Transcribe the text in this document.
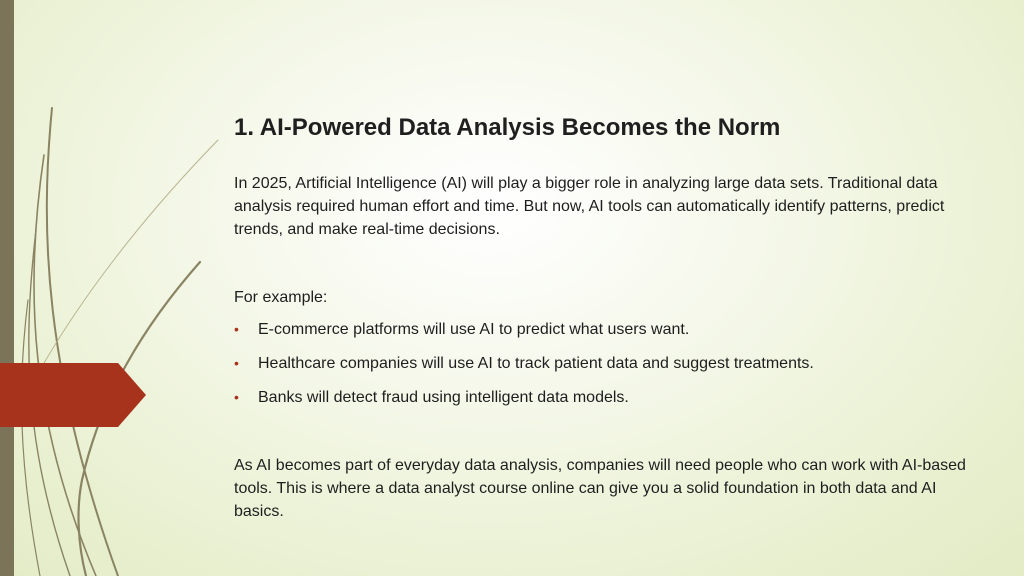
1. AI-Powered Data Analysis Becomes the Norm

In 2025, Artificial Intelligence (AI) will play a bigger role in analyzing large data sets. Traditional data analysis required human effort and time. But now, AI tools can automatically identify patterns, predict trends, and make real-time decisions.

For example:

• E-commerce platforms will use AI to predict what users want.
• Healthcare companies will use AI to track patient data and suggest treatments.
• Banks will detect fraud using intelligent data models.

As AI becomes part of everyday data analysis, companies will need people who can work with AI-based tools. This is where a data analyst course online can give you a solid foundation in both data and AI basics.
